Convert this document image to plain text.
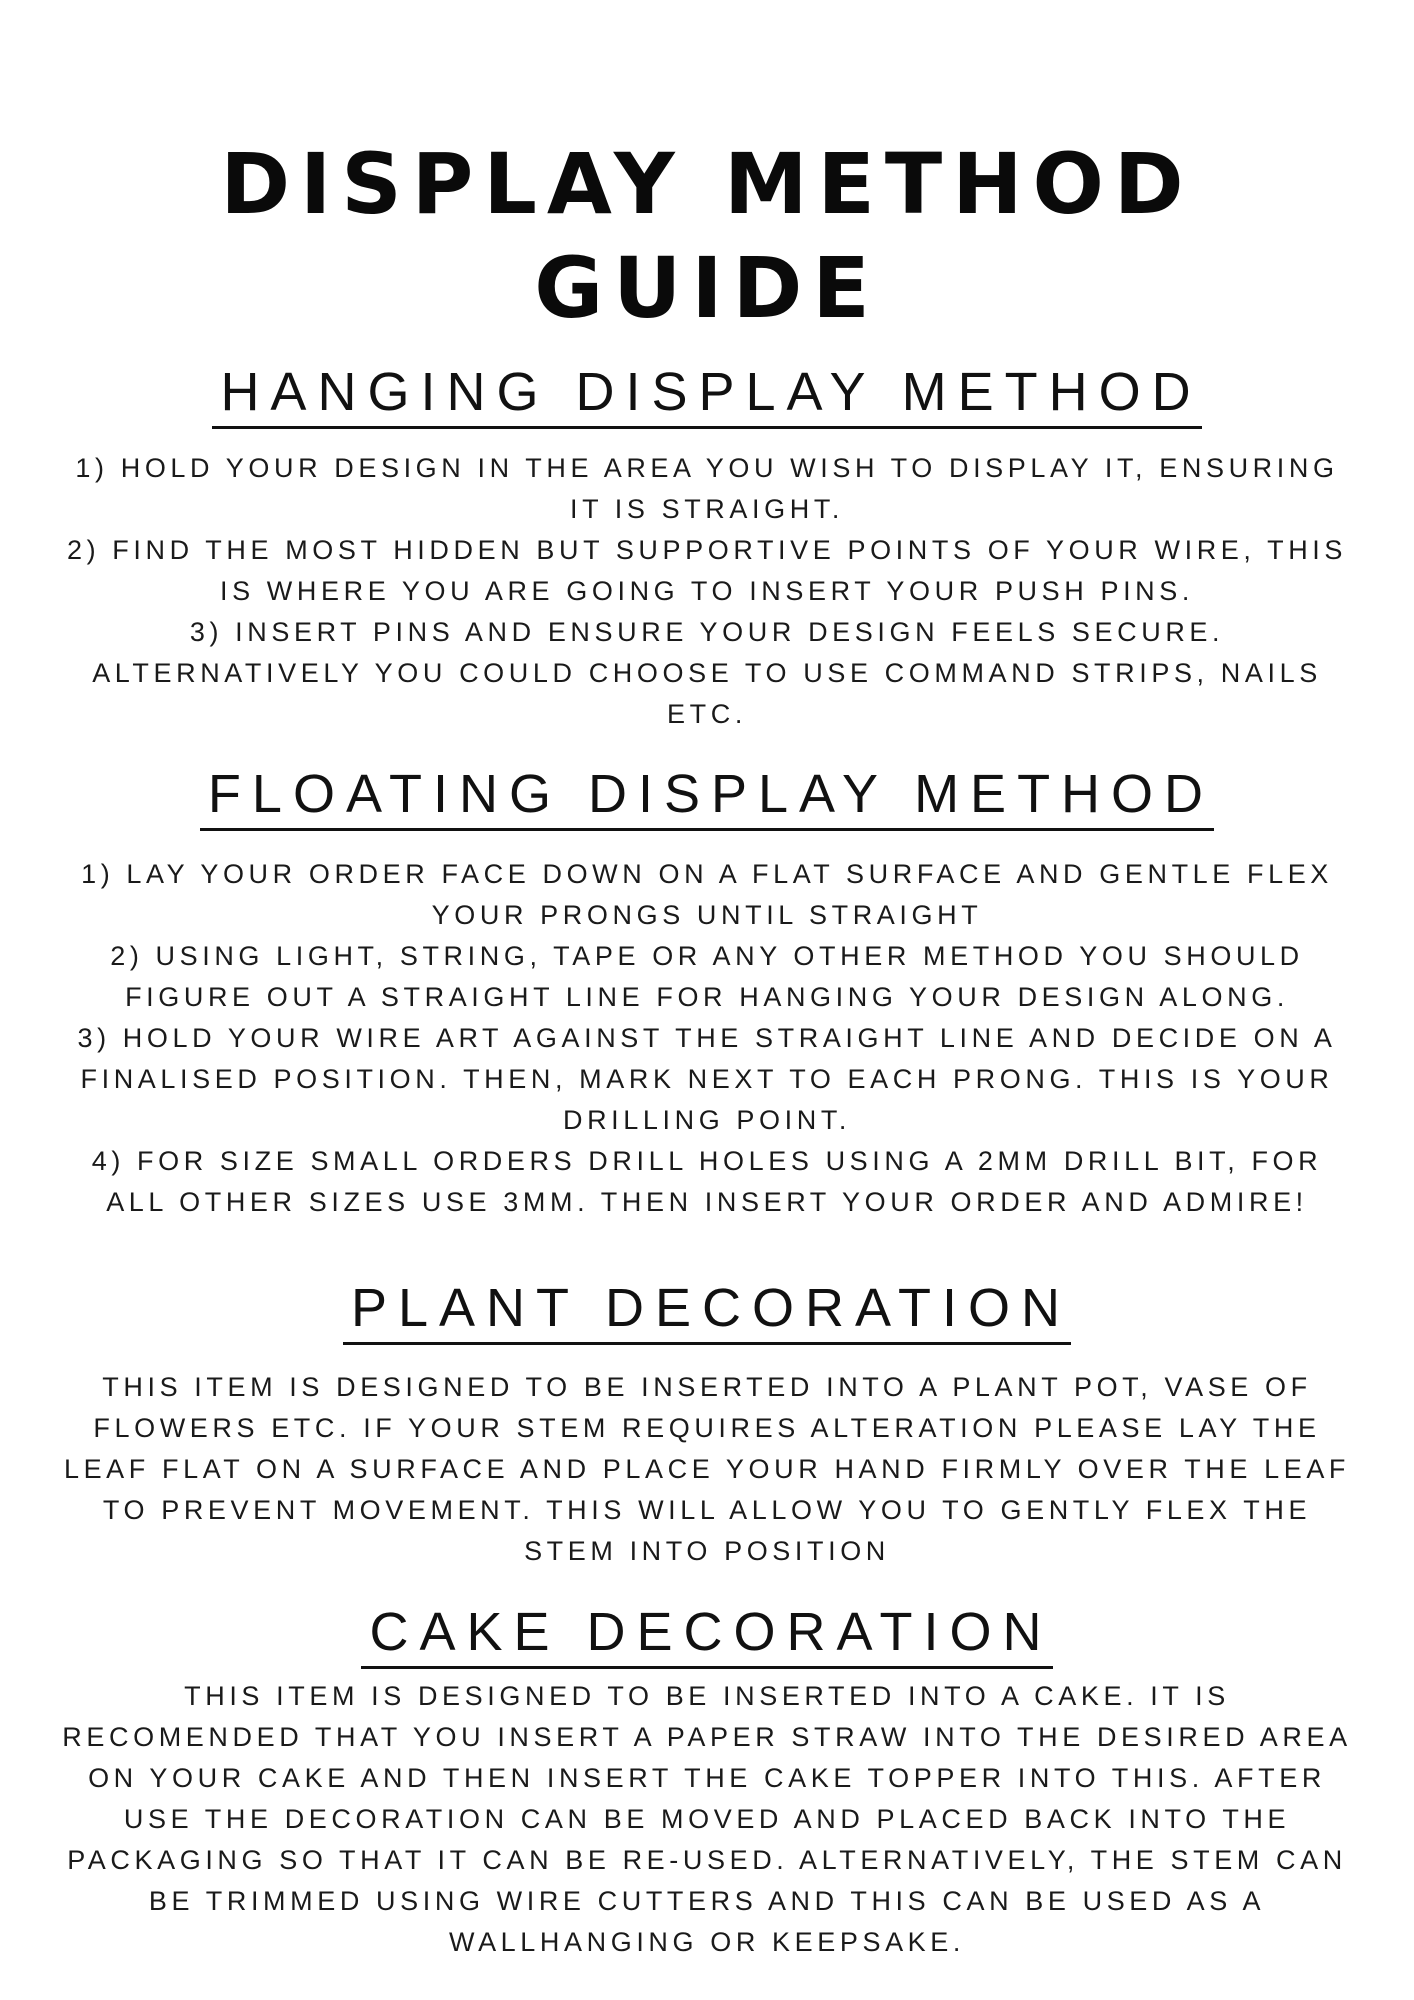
DISPLAY METHOD
GUIDE
HANGING DISPLAY METHOD
1) HOLD YOUR DESIGN IN THE AREA YOU WISH TO DISPLAY IT, ENSURING
IT IS STRAIGHT.
2) FIND THE MOST HIDDEN BUT SUPPORTIVE POINTS OF YOUR WIRE, THIS
IS WHERE YOU ARE GOING TO INSERT YOUR PUSH PINS.
3) INSERT PINS AND ENSURE YOUR DESIGN FEELS SECURE.
ALTERNATIVELY YOU COULD CHOOSE TO USE COMMAND STRIPS, NAILS
ETC.
FLOATING DISPLAY METHOD
1) LAY YOUR ORDER FACE DOWN ON A FLAT SURFACE AND GENTLE FLEX
YOUR PRONGS UNTIL STRAIGHT
2) USING LIGHT, STRING, TAPE OR ANY OTHER METHOD YOU SHOULD
FIGURE OUT A STRAIGHT LINE FOR HANGING YOUR DESIGN ALONG.
3) HOLD YOUR WIRE ART AGAINST THE STRAIGHT LINE AND DECIDE ON A
FINALISED POSITION. THEN, MARK NEXT TO EACH PRONG. THIS IS YOUR
DRILLING POINT.
4) FOR SIZE SMALL ORDERS DRILL HOLES USING A 2MM DRILL BIT, FOR
ALL OTHER SIZES USE 3MM. THEN INSERT YOUR ORDER AND ADMIRE!
PLANT DECORATION
THIS ITEM IS DESIGNED TO BE INSERTED INTO A PLANT POT, VASE OF
FLOWERS ETC. IF YOUR STEM REQUIRES ALTERATION PLEASE LAY THE
LEAF FLAT ON A SURFACE AND PLACE YOUR HAND FIRMLY OVER THE LEAF
TO PREVENT MOVEMENT. THIS WILL ALLOW YOU TO GENTLY FLEX THE
STEM INTO POSITION
CAKE DECORATION
THIS ITEM IS DESIGNED TO BE INSERTED INTO A CAKE. IT IS
RECOMENDED THAT YOU INSERT A PAPER STRAW INTO THE DESIRED AREA
ON YOUR CAKE AND THEN INSERT THE CAKE TOPPER INTO THIS. AFTER
USE THE DECORATION CAN BE MOVED AND PLACED BACK INTO THE
PACKAGING SO THAT IT CAN BE RE-USED. ALTERNATIVELY, THE STEM CAN
BE TRIMMED USING WIRE CUTTERS AND THIS CAN BE USED AS A
WALLHANGING OR KEEPSAKE.
